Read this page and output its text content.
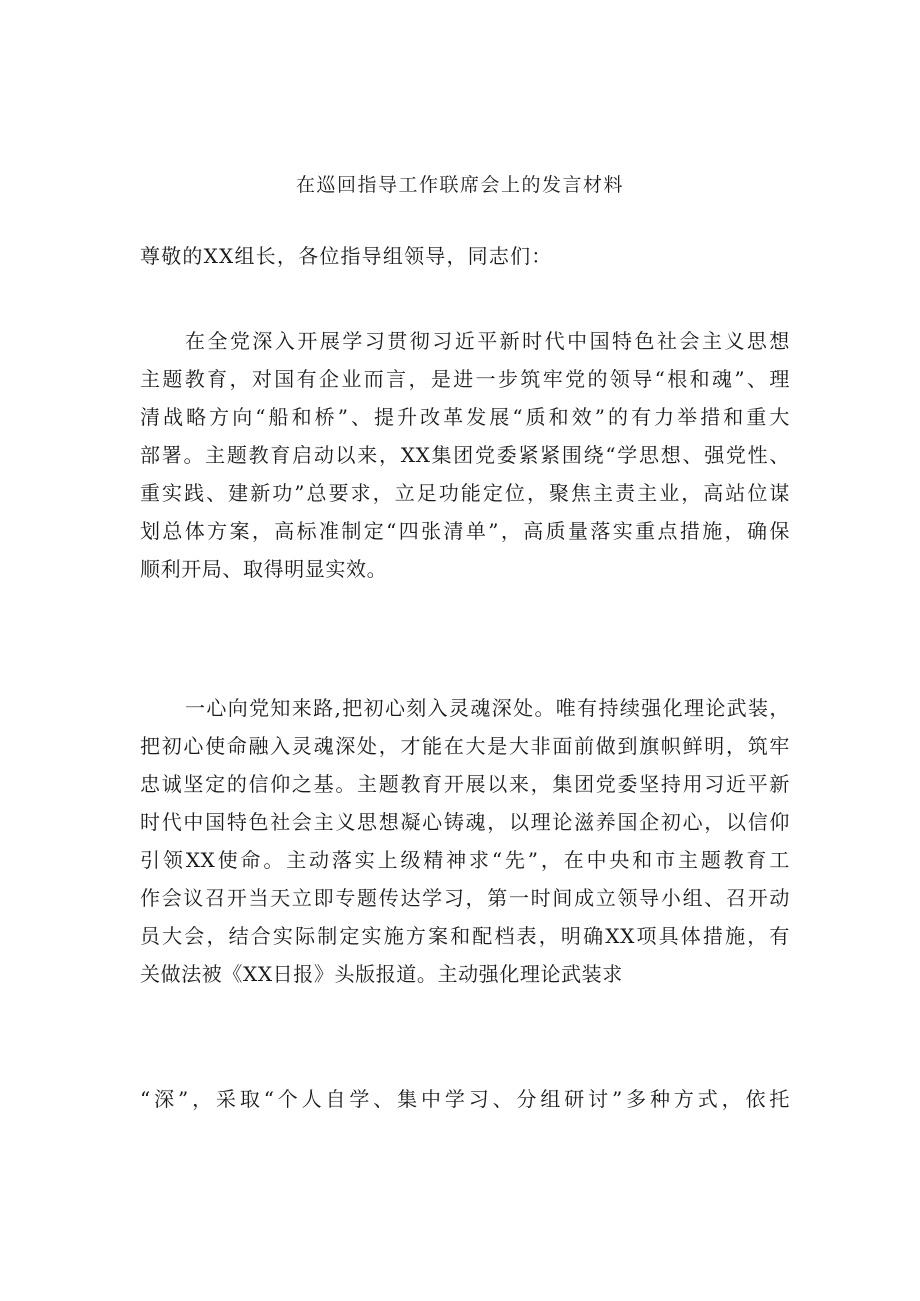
在巡回指导工作联席会上的发言材料

尊敬的XX组长，各位指导组领导，同志们：

在全党深入开展学习贯彻习近平新时代中国特色社会主义思想
主题教育，对国有企业而言，是进一步筑牢党的领导“根和魂”、理
清战略方向“船和桥”、提升改革发展“质和效”的有力举措和重大
部署。主题教育启动以来，XX集团党委紧紧围绕“学思想、强党性、
重实践、建新功”总要求，立足功能定位，聚焦主责主业，高站位谋
划总体方案，高标准制定“四张清单”，高质量落实重点措施，确保
顺利开局、取得明显实效。
一心向党知来路,把初心刻入灵魂深处。唯有持续强化理论武装，
把初心使命融入灵魂深处，才能在大是大非面前做到旗帜鲜明，筑牢
忠诚坚定的信仰之基。主题教育开展以来，集团党委坚持用习近平新
时代中国特色社会主义思想凝心铸魂，以理论滋养国企初心，以信仰
引领XX使命。主动落实上级精神求“先”，在中央和市主题教育工
作会议召开当天立即专题传达学习，第一时间成立领导小组、召开动
员大会，结合实际制定实施方案和配档表，明确XX项具体措施，有
关做法被《XX日报》头版报道。主动强化理论武装求
“深”，采取“个人自学、集中学习、分组研讨”多种方式，依托
